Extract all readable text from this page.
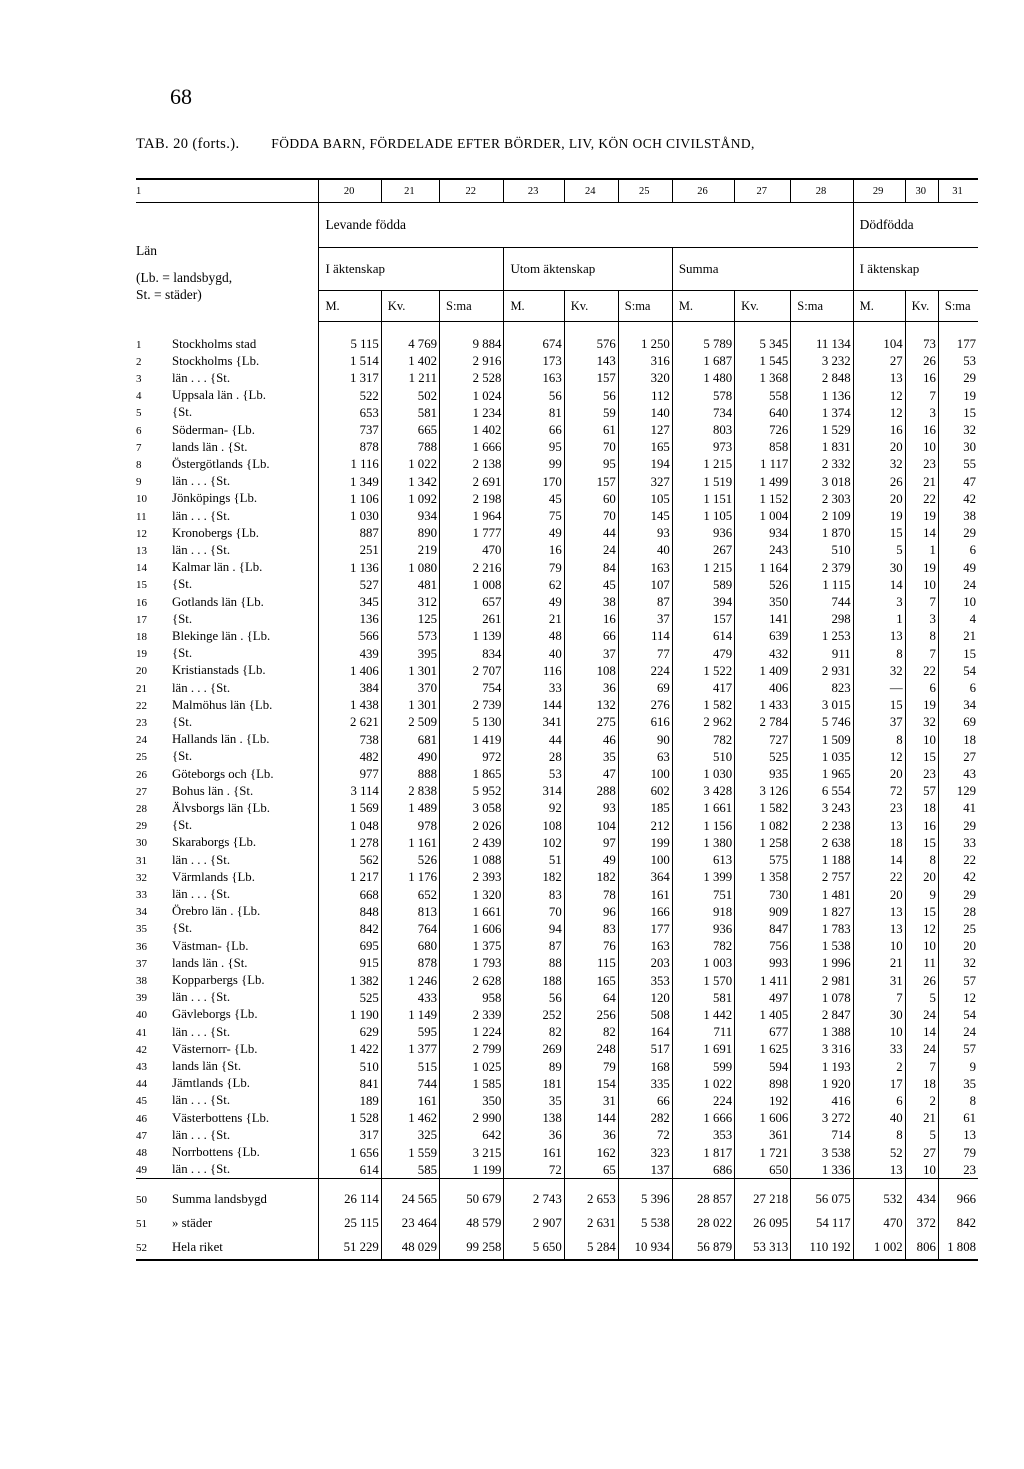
68
TAB. 20 (forts.). FÖDDA BARN, FÖRDELADE EFTER BÖRDER, LIV, KÖN OCH CIVILSTÅND,
1	20	21	22	23	24	25	26	27	28	29	30	31

Län
(Lb. = landsbygd,
St. = städer)	Levande födda									Dödfödda		
	I äktenskap			Utom äktenskap			Summa			I äktenskap		
	M.	Kv.	S:ma	M.	Kv.	S:ma	M.	Kv.	S:ma	M.	Kv.	S:ma
1 Stockholms stad	5 115	4 769	9 884	674	576	1 250	5 789	5 345	11 134	104	73	177
2 Stockholms {Lb.	1 514	1 402	2 916	173	143	316	1 687	1 545	3 232	27	26	53
3 län . . . {St.	1 317	1 211	2 528	163	157	320	1 480	1 368	2 848	13	16	29
4 Uppsala län . {Lb.	522	502	1 024	56	56	112	578	558	1 136	12	7	19
5 {St.	653	581	1 234	81	59	140	734	640	1 374	12	3	15
6 Söderman- {Lb.	737	665	1 402	66	61	127	803	726	1 529	16	16	32
7 lands län . {St.	878	788	1 666	95	70	165	973	858	1 831	20	10	30
8 Östergötlands {Lb.	1 116	1 022	2 138	99	95	194	1 215	1 117	2 332	32	23	55
9 län . . . {St.	1 349	1 342	2 691	170	157	327	1 519	1 499	3 018	26	21	47
10 Jönköpings {Lb.	1 106	1 092	2 198	45	60	105	1 151	1 152	2 303	20	22	42
11 län . . . {St.	1 030	934	1 964	75	70	145	1 105	1 004	2 109	19	19	38
12 Kronobergs {Lb.	887	890	1 777	49	44	93	936	934	1 870	15	14	29
13 län . . . {St.	251	219	470	16	24	40	267	243	510	5	1	6
14 Kalmar län . {Lb.	1 136	1 080	2 216	79	84	163	1 215	1 164	2 379	30	19	49
15 {St.	527	481	1 008	62	45	107	589	526	1 115	14	10	24
16 Gotlands län {Lb.	345	312	657	49	38	87	394	350	744	3	7	10
17 {St.	136	125	261	21	16	37	157	141	298	1	3	4
18 Blekinge län . {Lb.	566	573	1 139	48	66	114	614	639	1 253	13	8	21
19 {St.	439	395	834	40	37	77	479	432	911	8	7	15
20 Kristianstads {Lb.	1 406	1 301	2 707	116	108	224	1 522	1 409	2 931	32	22	54
21 län . . . {St.	384	370	754	33	36	69	417	406	823	—	6	6
22 Malmöhus län {Lb.	1 438	1 301	2 739	144	132	276	1 582	1 433	3 015	15	19	34
23 {St.	2 621	2 509	5 130	341	275	616	2 962	2 784	5 746	37	32	69
24 Hallands län . {Lb.	738	681	1 419	44	46	90	782	727	1 509	8	10	18
25 {St.	482	490	972	28	35	63	510	525	1 035	12	15	27
26 Göteborgs och {Lb.	977	888	1 865	53	47	100	1 030	935	1 965	20	23	43
27 Bohus län . {St.	3 114	2 838	5 952	314	288	602	3 428	3 126	6 554	72	57	129
28 Älvsborgs län {Lb.	1 569	1 489	3 058	92	93	185	1 661	1 582	3 243	23	18	41
29 {St.	1 048	978	2 026	108	104	212	1 156	1 082	2 238	13	16	29
30 Skaraborgs {Lb.	1 278	1 161	2 439	102	97	199	1 380	1 258	2 638	18	15	33
31 län . . . {St.	562	526	1 088	51	49	100	613	575	1 188	14	8	22
32 Värmlands {Lb.	1 217	1 176	2 393	182	182	364	1 399	1 358	2 757	22	20	42
33 län . . . {St.	668	652	1 320	83	78	161	751	730	1 481	20	9	29
34 Örebro län . {Lb.	848	813	1 661	70	96	166	918	909	1 827	13	15	28
35 {St.	842	764	1 606	94	83	177	936	847	1 783	13	12	25
36 Västman- {Lb.	695	680	1 375	87	76	163	782	756	1 538	10	10	20
37 lands län . {St.	915	878	1 793	88	115	203	1 003	993	1 996	21	11	32
38 Kopparbergs {Lb.	1 382	1 246	2 628	188	165	353	1 570	1 411	2 981	31	26	57
39 län . . . {St.	525	433	958	56	64	120	581	497	1 078	7	5	12
40 Gävleborgs {Lb.	1 190	1 149	2 339	252	256	508	1 442	1 405	2 847	30	24	54
41 län . . . {St.	629	595	1 224	82	82	164	711	677	1 388	10	14	24
42 Västernorr- {Lb.	1 422	1 377	2 799	269	248	517	1 691	1 625	3 316	33	24	57
43 lands län {St.	510	515	1 025	89	79	168	599	594	1 193	2	7	9
44 Jämtlands {Lb.	841	744	1 585	181	154	335	1 022	898	1 920	17	18	35
45 län . . . {St.	189	161	350	35	31	66	224	192	416	6	2	8
46 Västerbottens {Lb.	1 528	1 462	2 990	138	144	282	1 666	1 606	3 272	40	21	61
47 län . . . {St.	317	325	642	36	36	72	353	361	714	8	5	13
48 Norrbottens {Lb.	1 656	1 559	3 215	161	162	323	1 817	1 721	3 538	52	27	79
49 län . . . {St.	614	585	1 199	72	65	137	686	650	1 336	13	10	23
50 Summa landsbygd	26 114	24 565	50 679	2 743	2 653	5 396	28 857	27 218	56 075	532	434	966
51 » städer	25 115	23 464	48 579	2 907	2 631	5 538	28 022	26 095	54 117	470	372	842
52 Hela riket	51 229	48 029	99 258	5 650	5 284	10 934	56 879	53 313	110 192	1 002	806	1 808
